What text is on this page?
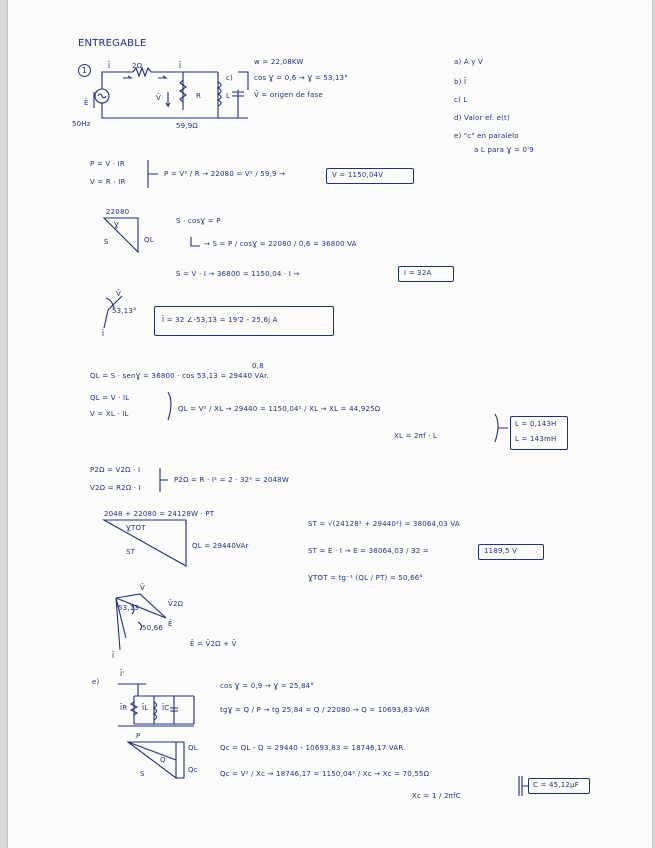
ENTREGABLE
1	Ī	2Ω	Ī
c)
Ē
50Hz
V̄	R	L
59,9Ω
w = 22,08KW
cos Ɣ = 0,6 → Ɣ = 53,13°
V̄ = origen de fase
a) A y V
b) Ī
c) L
d) Valor ef. e(t)
e) "c" en paralelo
a L para Ɣ = 0'9
P = V · IR
V = R · IR
P = V² / R → 22080 = V² / 59,9 →	V = 1150,04V
22080
Ɣ
S	QL
S · cosƔ = P
→ S = P / cosƔ = 22080 / 0,6 = 36800 VA
S = V · I → 36800 = 1150,04 · I →	I = 32A
V̄
53,13°
Ī
Ī = 32 ∠-53,13 = 19'2 - 25,6j A
QL = S · senƔ = 36800 · cos 53,13 = 29440 VAr.
0,8
QL = V · IL
V = XL · IL
QL = V² / XL → 29440 = 1150,04² / XL → XL = 44,925Ω
XL = 2πf · L
L = 0,143H
L = 143mH
P2Ω = V2Ω · I
V2Ω = R2Ω · I
P2Ω = R · I² = 2 · 32² = 2048W
2048 + 22080 = 24128W · PT
ƔTOT
ST
QL = 29440VAr
ST = √(24128² + 29440²) = 38064,03 VA
ST = E · I → E = 38064,03 / 32 =	1189,5 V
ƔTOT = tg⁻¹ (QL / PT) = 50,66°
V̄
V̄2Ω
53,13
50,66 Ē
Ī
Ē = V̄2Ω + V̄
e)
Ī'
ĪR ĪL ĪC
cos Ɣ = 0,9 → Ɣ = 25,84°
tgƔ = Q / P → tg 25,84 = Q / 22080 → Q = 10693,83 VAR
P
Q
S
QL
Qc
Qc = QL - Q = 29440 - 10693,83 = 18746,17 VAR
Qc = V² / Xc → 18746,17 = 1150,04² / Xc → Xc = 70,55Ω
Xc = 1 / 2πfC
C = 45,12µF
